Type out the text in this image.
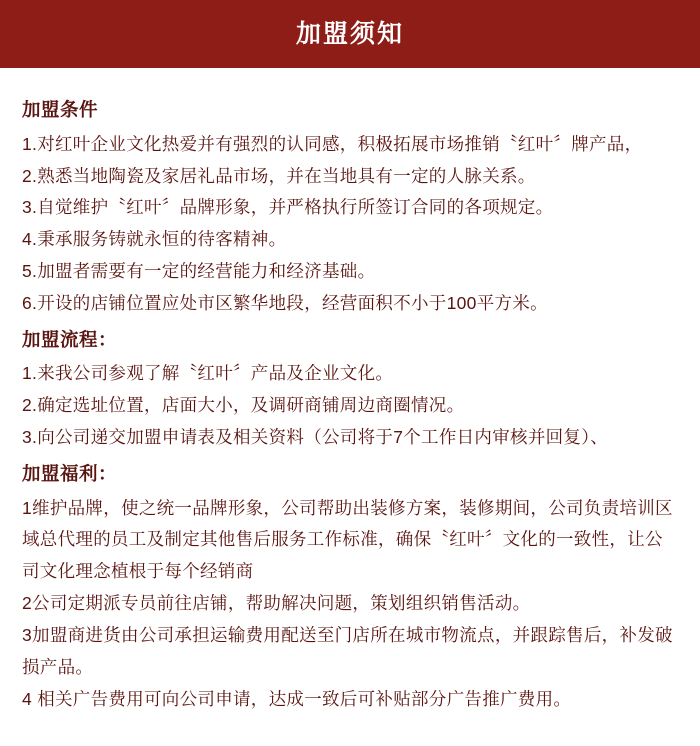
加盟须知
加盟条件
1.对红叶企业文化热爱并有强烈的认同感，积极拓展市场推销〝红叶〞牌产品，
2.熟悉当地陶瓷及家居礼品市场，并在当地具有一定的人脉关系。
3.自觉维护〝红叶〞品牌形象，并严格执行所签订合同的各项规定。
4.秉承服务铸就永恒的待客精神。
5.加盟者需要有一定的经营能力和经济基础。
6.开设的店铺位置应处市区繁华地段，经营面积不小于100平方米。
加盟流程：
1.来我公司参观了解〝红叶〞产品及企业文化。
2.确定选址位置，店面大小，及调研商铺周边商圈情况。
3.向公司递交加盟申请表及相关资料（公司将于7个工作日内审核并回复）、
加盟福利：
1维护品牌，使之统一品牌形象，公司帮助出装修方案，装修期间，公司负责培训区域总代理的员工及制定其他售后服务工作标准，确保〝红叶〞文化的一致性，让公司文化理念植根于每个经销商
2公司定期派专员前往店铺，帮助解决问题，策划组织销售活动。
3加盟商进货由公司承担运输费用配送至门店所在城市物流点，并跟踪售后，补发破损产品。
4 相关广告费用可向公司申请，达成一致后可补贴部分广告推广费用。
